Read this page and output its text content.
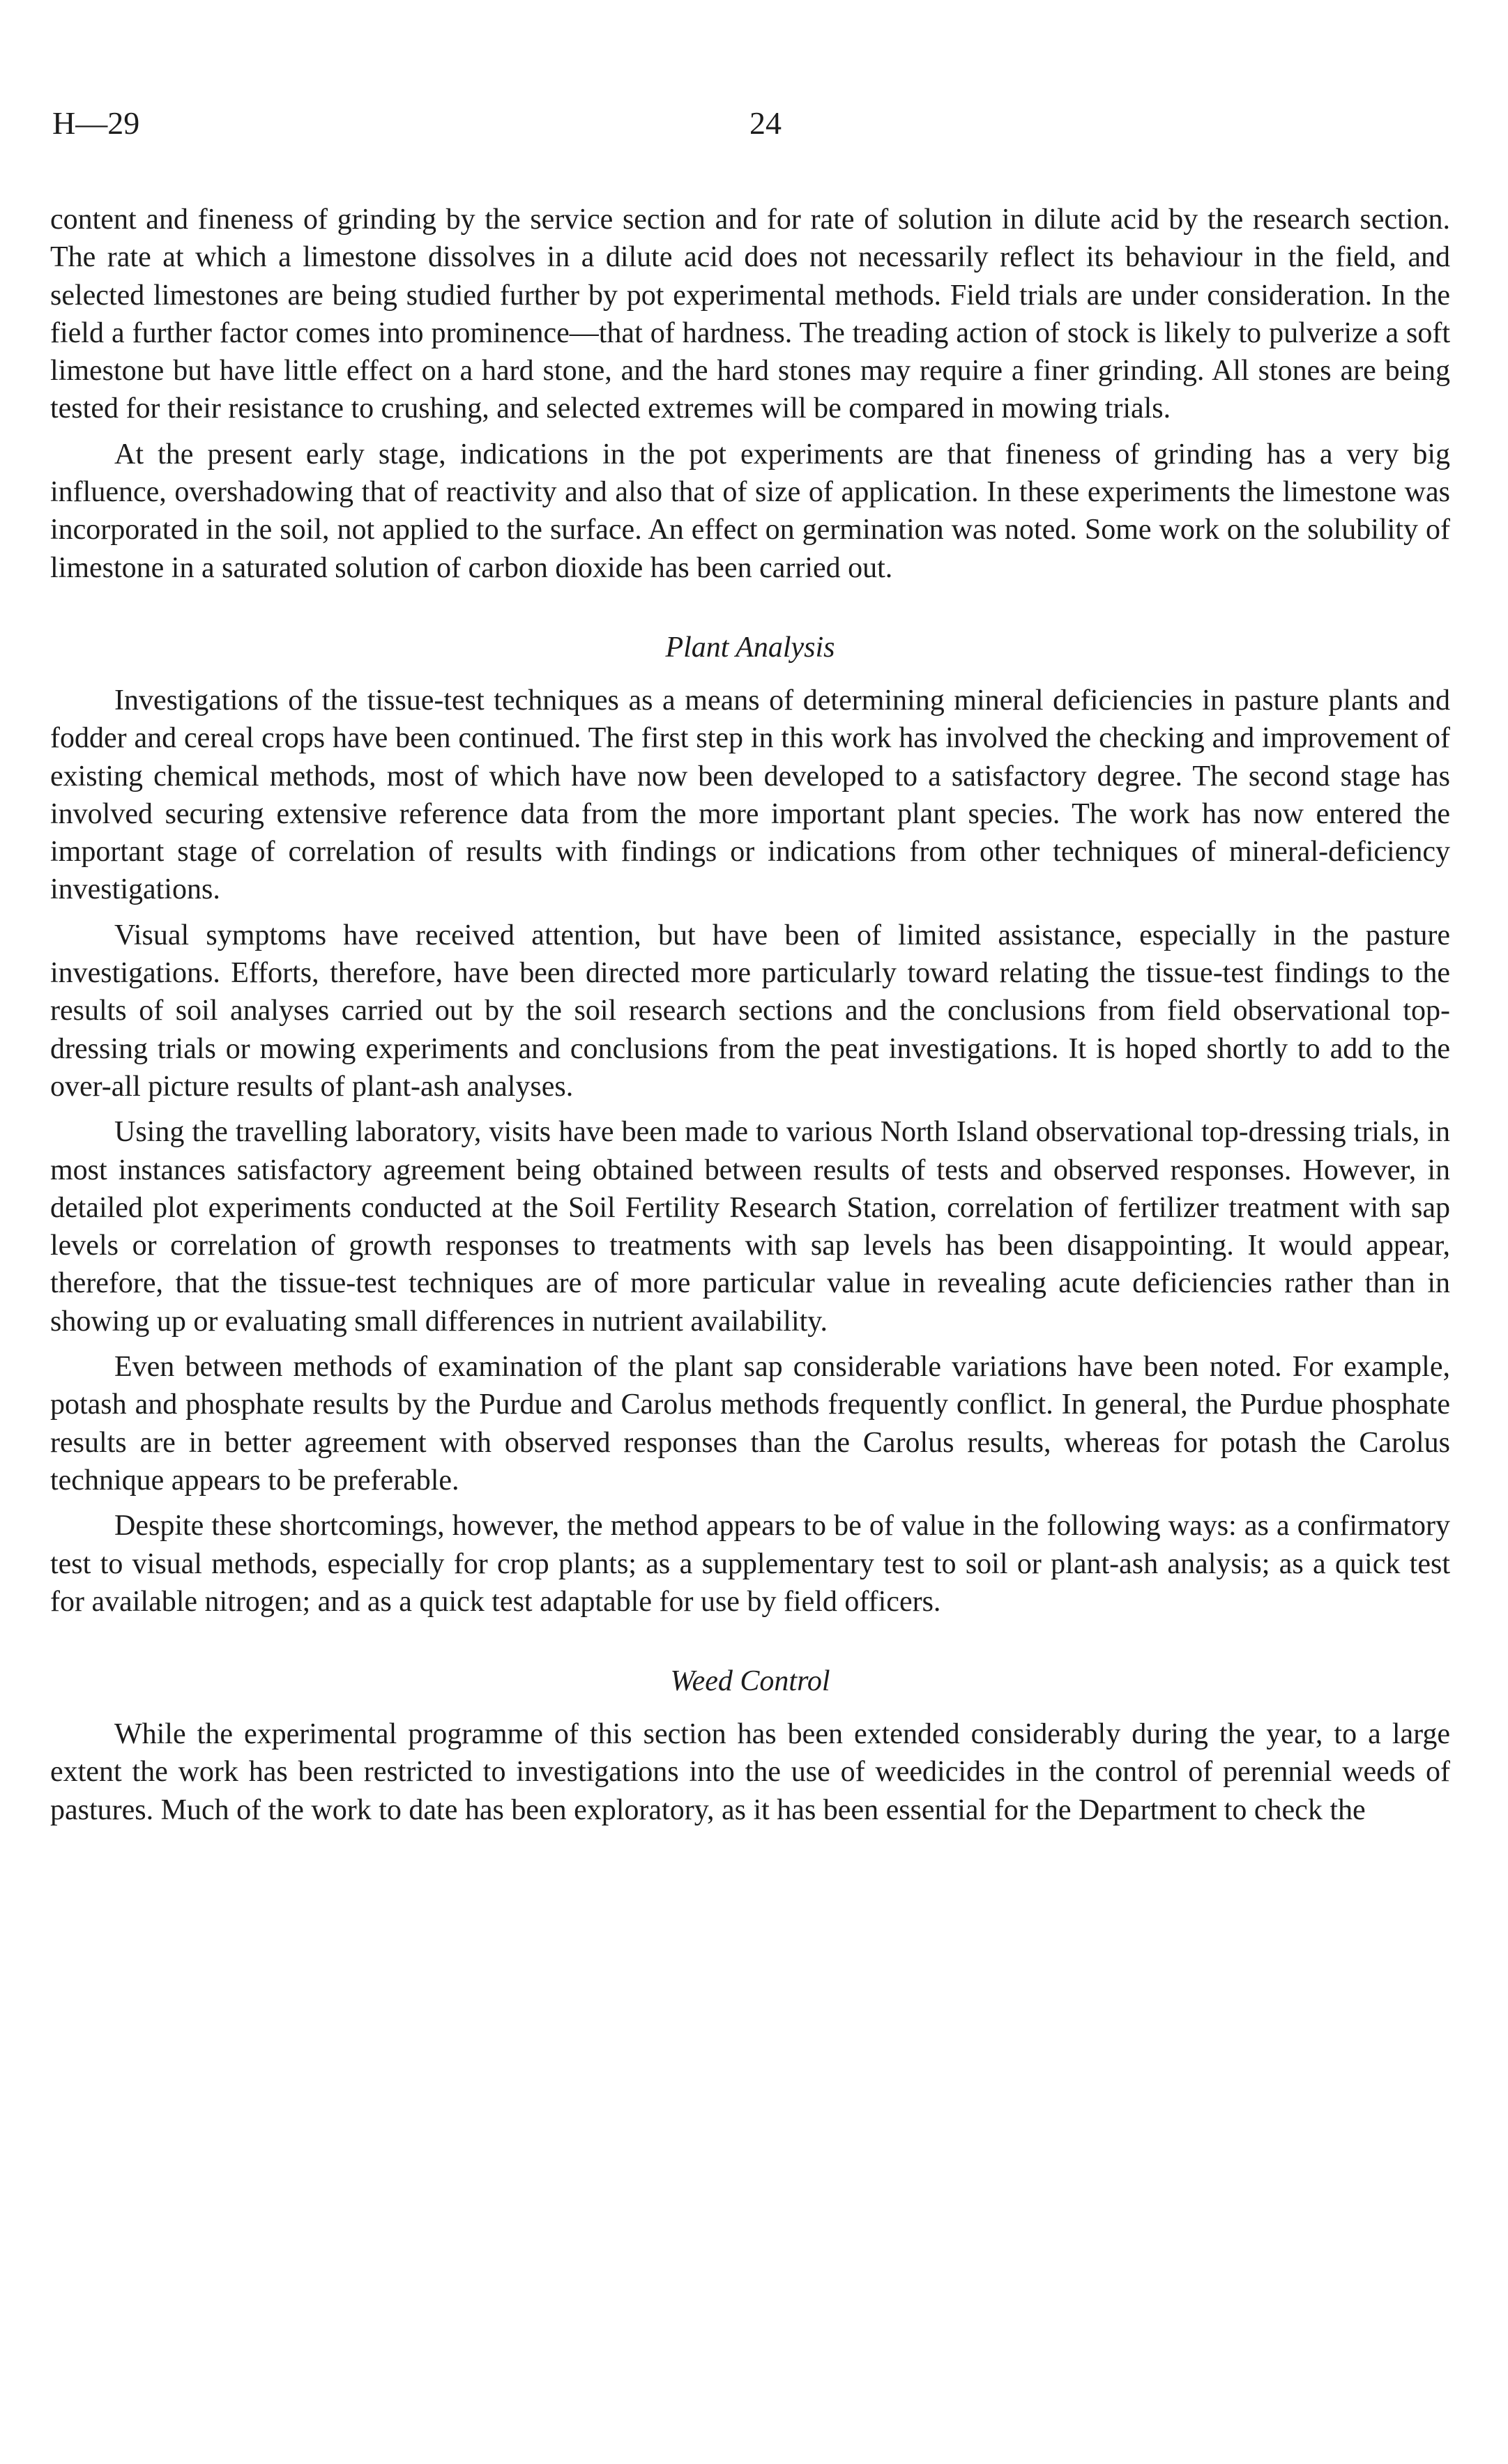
H—29	24

content and fineness of grinding by the service section and for rate of solution in dilute acid by the research section. The rate at which a limestone dissolves in a dilute acid does not necessarily reflect its behaviour in the field, and selected limestones are being studied further by pot experimental methods. Field trials are under consideration. In the field a further factor comes into prominence—that of hardness. The treading action of stock is likely to pulverize a soft limestone but have little effect on a hard stone, and the hard stones may require a finer grinding. All stones are being tested for their resistance to crushing, and selected extremes will be compared in mowing trials.

At the present early stage, indications in the pot experiments are that fineness of grinding has a very big influence, overshadowing that of reactivity and also that of size of application. In these experiments the limestone was incorporated in the soil, not applied to the surface. An effect on germination was noted. Some work on the solubility of limestone in a saturated solution of carbon dioxide has been carried out.

Plant Analysis

Investigations of the tissue-test techniques as a means of determining mineral deficiencies in pasture plants and fodder and cereal crops have been continued. The first step in this work has involved the checking and improvement of existing chemical methods, most of which have now been developed to a satisfactory degree. The second stage has involved securing extensive reference data from the more important plant species. The work has now entered the important stage of correlation of results with findings or indications from other techniques of mineral-deficiency investigations.

Visual symptoms have received attention, but have been of limited assistance, especially in the pasture investigations. Efforts, therefore, have been directed more particularly toward relating the tissue-test findings to the results of soil analyses carried out by the soil research sections and the conclusions from field observational top-dressing trials or mowing experiments and conclusions from the peat investigations. It is hoped shortly to add to the over-all picture results of plant-ash analyses.

Using the travelling laboratory, visits have been made to various North Island observational top-dressing trials, in most instances satisfactory agreement being obtained between results of tests and observed responses. However, in detailed plot experiments conducted at the Soil Fertility Research Station, correlation of fertilizer treatment with sap levels or correlation of growth responses to treatments with sap levels has been disappointing. It would appear, therefore, that the tissue-test techniques are of more particular value in revealing acute deficiencies rather than in showing up or evaluating small differences in nutrient availability.

Even between methods of examination of the plant sap considerable variations have been noted. For example, potash and phosphate results by the Purdue and Carolus methods frequently conflict. In general, the Purdue phosphate results are in better agreement with observed responses than the Carolus results, whereas for potash the Carolus technique appears to be preferable.

Despite these shortcomings, however, the method appears to be of value in the following ways: as a confirmatory test to visual methods, especially for crop plants; as a supplementary test to soil or plant-ash analysis; as a quick test for available nitrogen; and as a quick test adaptable for use by field officers.

Weed Control

While the experimental programme of this section has been extended considerably during the year, to a large extent the work has been restricted to investigations into the use of weedicides in the control of perennial weeds of pastures. Much of the work to date has been exploratory, as it has been essential for the Department to check the
